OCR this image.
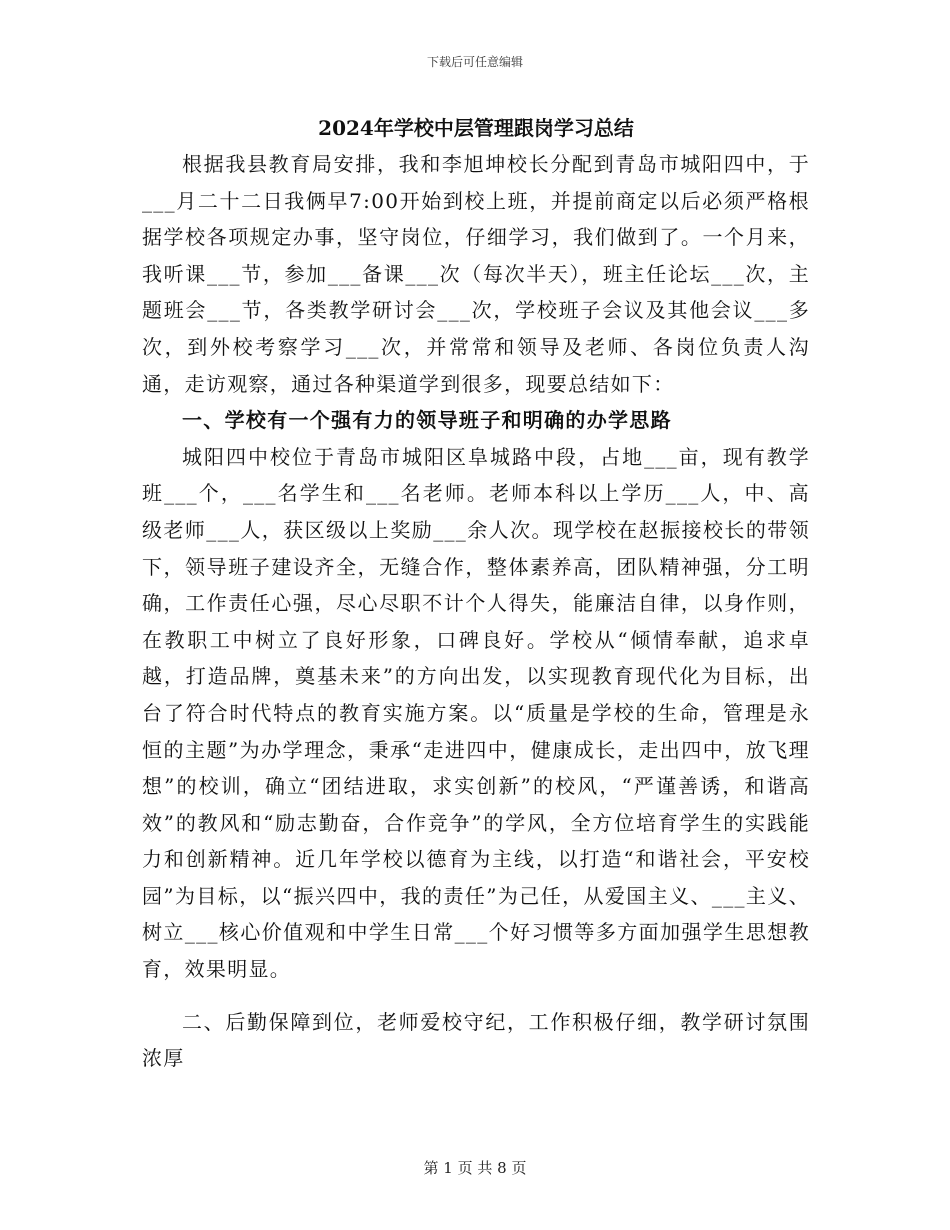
下载后可任意编辑
2024年学校中层管理跟岗学习总结

根据我县教育局安排，我和李旭坤校长分配到青岛市城阳四中，于___月二十二日我俩早7:00开始到校上班，并提前商定以后必须严格根据学校各项规定办事，坚守岗位，仔细学习，我们做到了。一个月来，我听课___节，参加___备课___次（每次半天），班主任论坛___次，主题班会___节，各类教学研讨会___次，学校班子会议及其他会议___多次，到外校考察学习___次，并常常和领导及老师、各岗位负责人沟通，走访观察，通过各种渠道学到很多，现要总结如下：

一、学校有一个强有力的领导班子和明确的办学思路

城阳四中校位于青岛市城阳区阜城路中段，占地___亩，现有教学班___个，___名学生和___名老师。老师本科以上学历___人，中、高级老师___人，获区级以上奖励___余人次。现学校在赵振接校长的带领下，领导班子建设齐全，无缝合作，整体素养高，团队精神强，分工明确，工作责任心强，尽心尽职不计个人得失，能廉洁自律，以身作则，在教职工中树立了良好形象，口碑良好。学校从“倾情奉献，追求卓越，打造品牌，奠基未来”的方向出发，以实现教育现代化为目标，出台了符合时代特点的教育实施方案。以“质量是学校的生命，管理是永恒的主题”为办学理念，秉承“走进四中，健康成长，走出四中，放飞理想”的校训，确立“团结进取，求实创新”的校风，“严谨善诱，和谐高效”的教风和“励志勤奋，合作竞争”的学风，全方位培育学生的实践能力和创新精神。近几年学校以德育为主线，以打造“和谐社会，平安校园”为目标，以“振兴四中，我的责任”为己任，从爱国主义、___主义、树立___核心价值观和中学生日常___个好习惯等多方面加强学生思想教育，效果明显。

二、后勤保障到位，老师爱校守纪，工作积极仔细，教学研讨氛围浓厚

第 1 页 共 8 页
